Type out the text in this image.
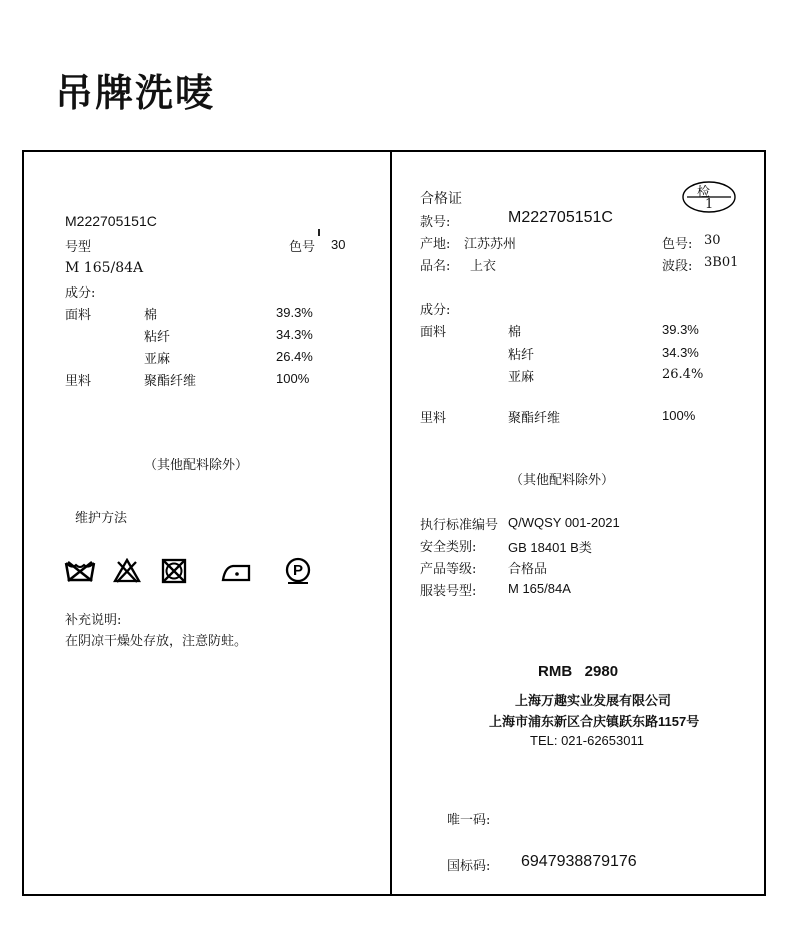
吊牌洗唛
M222705151C
号型	色号 30
M 165/84A
成分:
面料	棉	39.3%
粘纤	34.3%
亚麻	26.4%
里料	聚酯纤维	100%
（其他配料除外）
维护方法
P
补充说明:
在阴凉干燥处存放，注意防蛀。
合格证	检
1
款号:	M222705151C
产地: 江苏苏州	色号: 30
品名: 上衣	波段: 3B01
成分:
面料	棉	39.3%
粘纤	34.3%
亚麻	26.4%
里料	聚酯纤维	100%
（其他配料除外）
执行标准编号 Q/WQSY 001-2021
安全类别: GB 18401 B类
产品等级: 合格品
服装号型: M 165/84A
RMB   2980
上海万趣实业发展有限公司
上海市浦东新区合庆镇跃东路1157号
TEL: 021-62653011
唯一码:
国标码: 6947938879176
